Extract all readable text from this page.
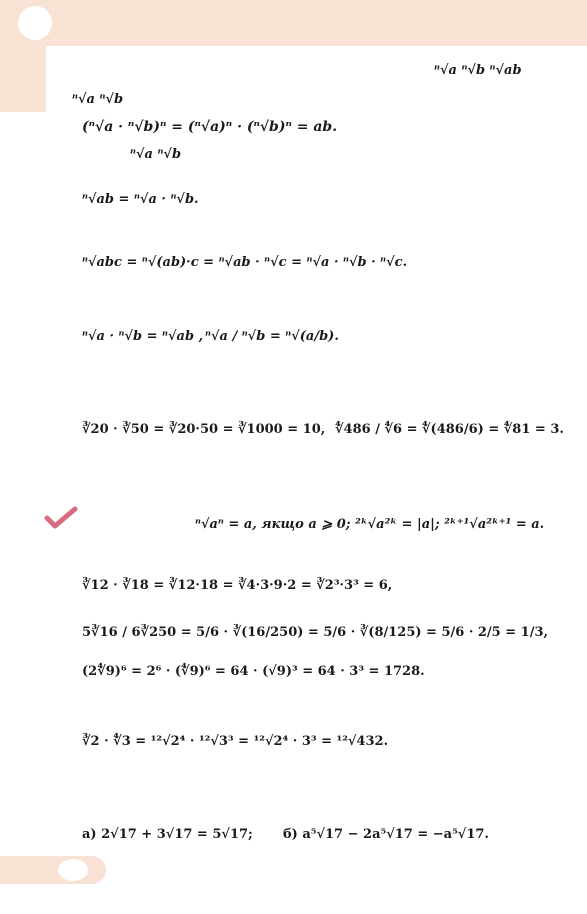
ⁿ√a ⁿ√b ⁿ√ab
ⁿ√a ⁿ√b
(ⁿ√a · ⁿ√b)ⁿ = (ⁿ√a)ⁿ · (ⁿ√b)ⁿ = ab.
ⁿ√a ⁿ√b
ⁿ√ab = ⁿ√a · ⁿ√b.
ⁿ√abc = ⁿ√(ab)·c = ⁿ√ab · ⁿ√c = ⁿ√a · ⁿ√b · ⁿ√c.
ⁿ√a · ⁿ√b = ⁿ√ab , ⁿ√a / ⁿ√b = ⁿ√(a/b).
∛20 · ∛50 = ∛20·50 = ∛1000 = 10, ∜486 / ∜6 = ∜(486/6) = ∜81 = 3.
ⁿ√aⁿ = a, якщо a ⩾ 0; ²ᵏ√a²ᵏ = |a|; ²ᵏ⁺¹√a²ᵏ⁺¹ = a.
∛12 · ∛18 = ∛12·18 = ∛4·3·9·2 = ∛2³·3³ = 6,
5∛16 / 6∛250 = 5/6 · ∛(16/250) = 5/6 · ∛(8/125) = 5/6 · 2/5 = 1/3,
(2∜9)⁶ = 2⁶ · (∜9)⁶ = 64 · (√9)³ = 64 · 3³ = 1728.
∛2 · ∜3 = ¹²√2⁴ · ¹²√3³ = ¹²√2⁴ · 3³ = ¹²√432.
а) 2√17 + 3√17 = 5√17; б) a⁵√17 − 2a⁵√17 = −a⁵√17.
